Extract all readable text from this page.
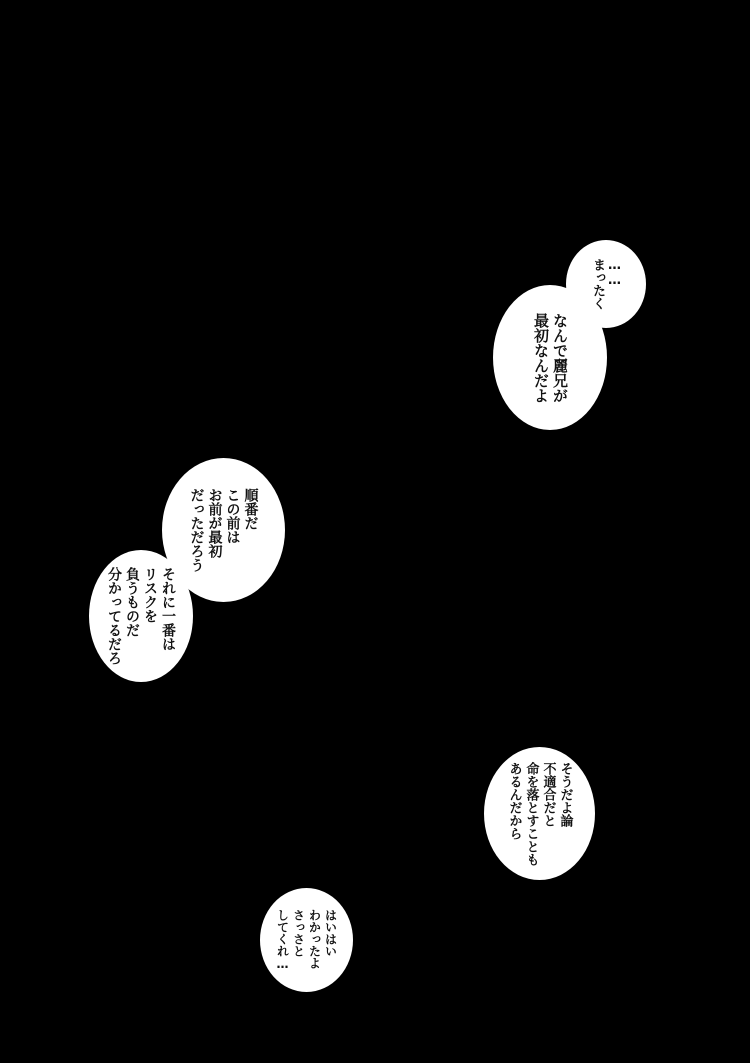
……
まったく
なんで麗兄が
最初なんだよ
順番だ
この前は
お前が最初
だっただろう
それに一番は
リスクを
負うものだ
分かってるだろ
そうだよ論
不適合だと
命を落とすことも
あるんだから
はいはい
わかったよ
さっさと
してくれ…
